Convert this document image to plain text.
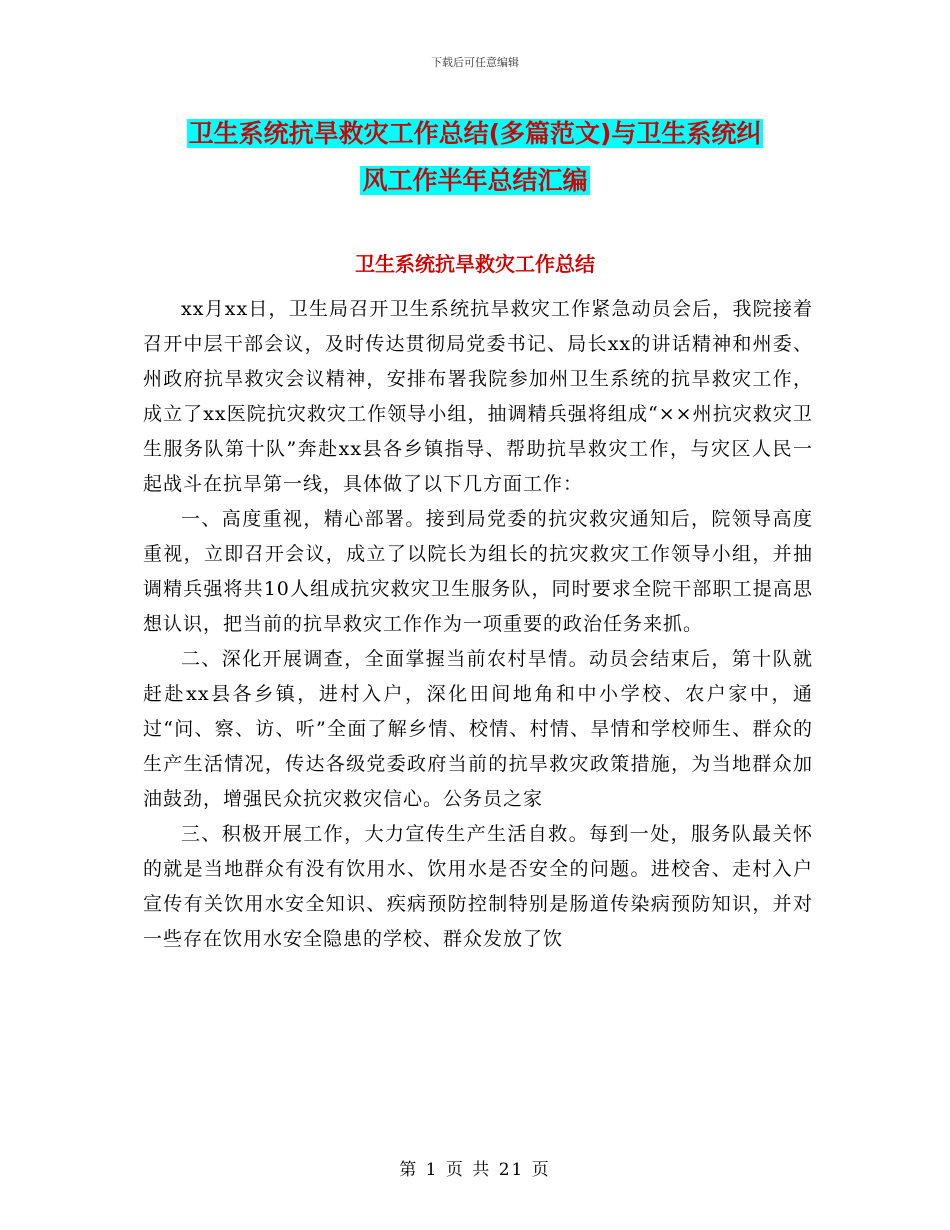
下载后可任意编辑
卫生系统抗旱救灾工作总结(多篇范文)与卫生系统纠
风工作半年总结汇编
卫生系统抗旱救灾工作总结

xx月xx日，卫生局召开卫生系统抗旱救灾工作紧急动员会后，我院接着召开中层干部会议，及时传达贯彻局党委书记、局长xx的讲话精神和州委、州政府抗旱救灾会议精神，安排布署我院参加州卫生系统的抗旱救灾工作，成立了xx医院抗灾救灾工作领导小组，抽调精兵强将组成“××州抗灾救灾卫生服务队第十队”奔赴xx县各乡镇指导、帮助抗旱救灾工作，与灾区人民一起战斗在抗旱第一线，具体做了以下几方面工作：

一、高度重视，精心部署。接到局党委的抗灾救灾通知后，院领导高度重视，立即召开会议，成立了以院长为组长的抗灾救灾工作领导小组，并抽调精兵强将共10人组成抗灾救灾卫生服务队，同时要求全院干部职工提高思想认识，把当前的抗旱救灾工作作为一项重要的政治任务来抓。

二、深化开展调查，全面掌握当前农村旱情。动员会结束后，第十队就赶赴xx县各乡镇，进村入户，深化田间地角和中小学校、农户家中，通过“问、察、访、听”全面了解乡情、校情、村情、旱情和学校师生、群众的生产生活情况，传达各级党委政府当前的抗旱救灾政策措施，为当地群众加油鼓劲，增强民众抗灾救灾信心。公务员之家

三、积极开展工作，大力宣传生产生活自救。每到一处，服务队最关怀的就是当地群众有没有饮用水、饮用水是否安全的问题。进校舍、走村入户宣传有关饮用水安全知识、疾病预防控制特别是肠道传染病预防知识，并对一些存在饮用水安全隐患的学校、群众发放了饮

第 1 页 共 21 页
